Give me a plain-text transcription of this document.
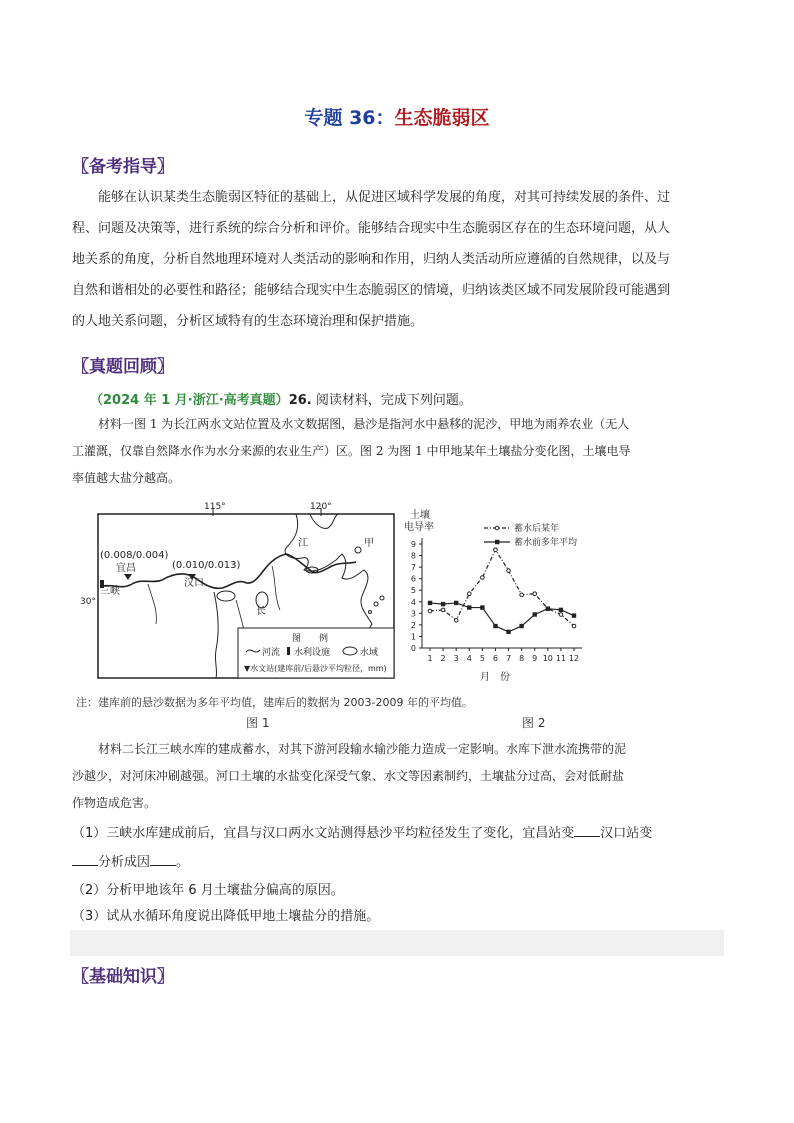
专题 36：生态脆弱区
〖备考指导〗
能够在认识某类生态脆弱区特征的基础上，从促进区域科学发展的角度，对其可持续发展的条件、过
程、问题及决策等，进行系统的综合分析和评价。能够结合现实中生态脆弱区存在的生态环境问题，从人
地关系的角度，分析自然地理环境对人类活动的影响和作用，归纳人类活动所应遵循的自然规律，以及与
自然和谐相处的必要性和路径；能够结合现实中生态脆弱区的情境，归纳该类区域不同发展阶段可能遇到
的人地关系问题，分析区域特有的生态环境治理和保护措施。
〖真题回顾〗
（2024 年 1 月·浙江·高考真题）26. 阅读材料，完成下列问题。
材料一图 1 为长江两水文站位置及水文数据图，悬沙是指河水中悬移的泥沙，甲地为雨养农业（无人
工灌溉，仅靠自然降水作为水分来源的农业生产）区。图 2 为图 1 中甲地某年土壤盐分变化图，土壤电导
率值越大盐分越高。
115°	120°
30°
(0.008/0.004)
宜昌	(0.010/0.013)
汉口
三峡
甲
江
长
图　　例
河流 水利设施	水域
▼水文站(建库前/后悬沙平均粒径，mm)
土壤
电导率
月　份
0
1
2
3
4
5
6
7
8
9
1 2 3 4 5 6 7 8 9 10 11 12
蓄水后某年
蓄水前多年平均
注：建库前的悬沙数据为多年平均值，建库后的数据为 2003-2009 年的平均值。
图 1	图 2
材料二长江三峡水库的建成蓄水，对其下游河段输水输沙能力造成一定影响。水库下泄水流携带的泥
沙越少，对河床冲刷越强。河口土壤的水盐变化深受气象、水文等因素制约，土壤盐分过高，会对低耐盐
作物造成危害。
（1）三峡水库建成前后，宜昌与汉口两水文站测得悬沙平均粒径发生了变化，宜昌站变 汉口站变
分析成因 。
（2）分析甲地该年 6 月土壤盐分偏高的原因。
（3）试从水循环角度说出降低甲地土壤盐分的措施。
〖基础知识〗
